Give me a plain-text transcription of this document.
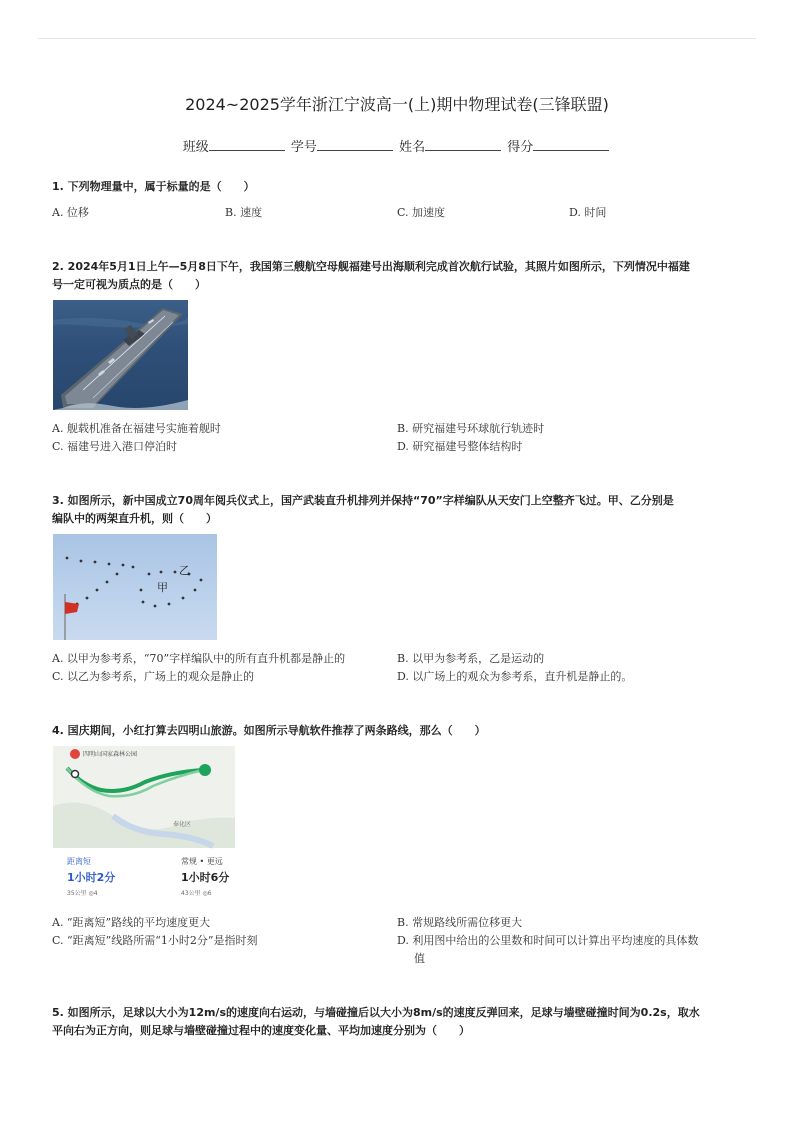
2024~2025学年浙江宁波高一(上)期中物理试卷(三锋联盟)
班级	学号	姓名	得分
1. 下列物理量中，属于标量的是（　　）
A. 位移	B. 速度	C. 加速度	D. 时间
2. 2024年5月1日上午—5月8日下午，我国第三艘航空母舰福建号出海顺利完成首次航行试验，其照片如图所示，下列情况中福建
号一定可视为质点的是（　　）
A. 舰载机准备在福建号实施着舰时	B. 研究福建号环球航行轨迹时
C. 福建号进入港口停泊时	D. 研究福建号整体结构时
3. 如图所示，新中国成立70周年阅兵仪式上，国产武装直升机排列并保持“70”字样编队从天安门上空整齐飞过。甲、乙分别是
编队中的两架直升机，则（　　）
甲
乙
A. 以甲为参考系，“70”字样编队中的所有直升机都是静止的	B. 以甲为参考系，乙是运动的
C. 以乙为参考系，广场上的观众是静止的	D. 以广场上的观众为参考系，直升机是静止的。
4. 国庆期间，小红打算去四明山旅游。如图所示导航软件推荐了两条路线，那么（　　）
四明山国家森林公园
奉化区
距离短
1小时2分
35公里 ◎4
常规 • 更远
1小时6分
43公里 ◎6
A. “距离短”路线的平均速度更大	B. 常规路线所需位移更大
C. “距离短”线路所需“1小时2分”是指时刻	D. 利用图中给出的公里数和时间可以计算出平均速度的具体数
值
5. 如图所示，足球以大小为12m/s的速度向右运动，与墙碰撞后以大小为8m/s的速度反弹回来，足球与墙壁碰撞时间为0.2s，取水
平向右为正方向，则足球与墙壁碰撞过程中的速度变化量、平均加速度分别为（　　）
